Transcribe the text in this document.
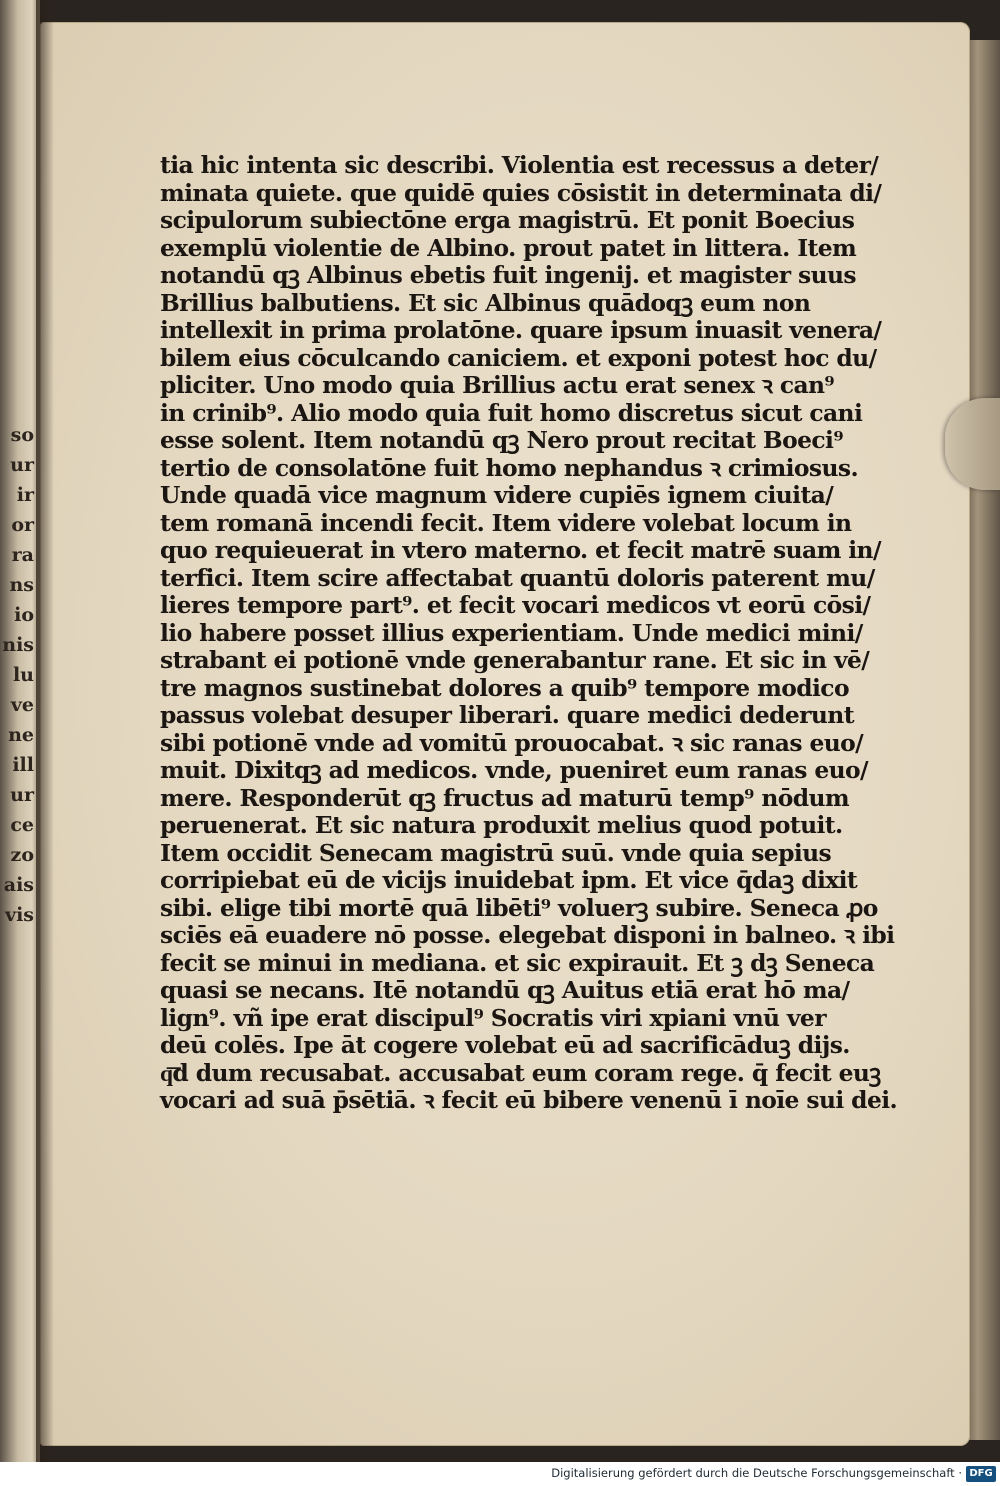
so
ur
ir
or
ra
ns
io
nis
lu
ve
ne
ill
ur
ce
zo
ais
vis
tia hic intenta sic describi. Violentia est recessus a deter/
minata quiete. que quidē quies cōsistit in determinata di/
scipulorum subiectōne erga magistrū. Et ponit Boecius
exemplū violentie de Albino. prout patet in littera. Item
notandū qꝫ Albinus ebetis fuit ingenij. et magister suus
Brillius balbutiens. Et sic Albinus quādoqꝫ eum non
intellexit in prima prolatōne. quare ipsum inuasit venera/
bilem eius cōculcando caniciem. et exponi potest hoc du/
pliciter. Uno modo quia Brillius actu erat senex ꝛ can⁹
in crinib⁹. Alio modo quia fuit homo discretus sicut cani
esse solent. Item notandū qꝫ Nero prout recitat Boeci⁹
tertio de consolatōne fuit homo nephandus ꝛ crimiosus.
Unde quadā vice magnum videre cupiēs ignem ciuita/
tem romanā incendi fecit. Item videre volebat locum in
quo requieuerat in vtero materno. et fecit matrē suam in/
terfici. Item scire affectabat quantū doloris paterent mu/
lieres tempore part⁹. et fecit vocari medicos vt eorū cōsi/
lio habere posset illius experientiam. Unde medici mini/
strabant ei potionē vnde generabantur rane. Et sic in vē/
tre magnos sustinebat dolores a quib⁹ tempore modico
passus volebat desuper liberari. quare medici dederunt
sibi potionē vnde ad vomitū prouocabat. ꝛ sic ranas euo/
muit. Dixitqꝫ ad medicos. vnde, pueniret eum ranas euo/
mere. Responderūt qꝫ fructus ad maturū temp⁹ nōdum
peruenerat. Et sic natura produxit melius quod potuit.
Item occidit Senecam magistrū suū. vnde quia sepius
corripiebat eū de vicijs inuidebat ipm. Et vice q̄daꝫ dixit
sibi. elige tibi mortē quā libēti⁹ voluerꝫ subire. Seneca ꝓo
sciēs eā euadere nō posse. elegebat disponi in balneo. ꝛ ibi
fecit se minui in mediana. et sic expirauit. Et ꝫ dꝫ Seneca
quasi se necans. Itē notandū qꝫ Auitus etiā erat hō ma/
lign⁹. vñ ipe erat discipul⁹ Socratis viri xpiani vnū ver
deū colēs. Ipe āt cogere volebat eū ad sacrificāduꝫ dijs.
q͞d dum recusabat. accusabat eum coram rege. q̄ fecit euꝫ
vocari ad suā p̄sētiā. ꝛ fecit eū bibere venenū ī noīe sui dei.
Digitalisierung gefördert durch die Deutsche Forschungsgemeinschaft · DFG
